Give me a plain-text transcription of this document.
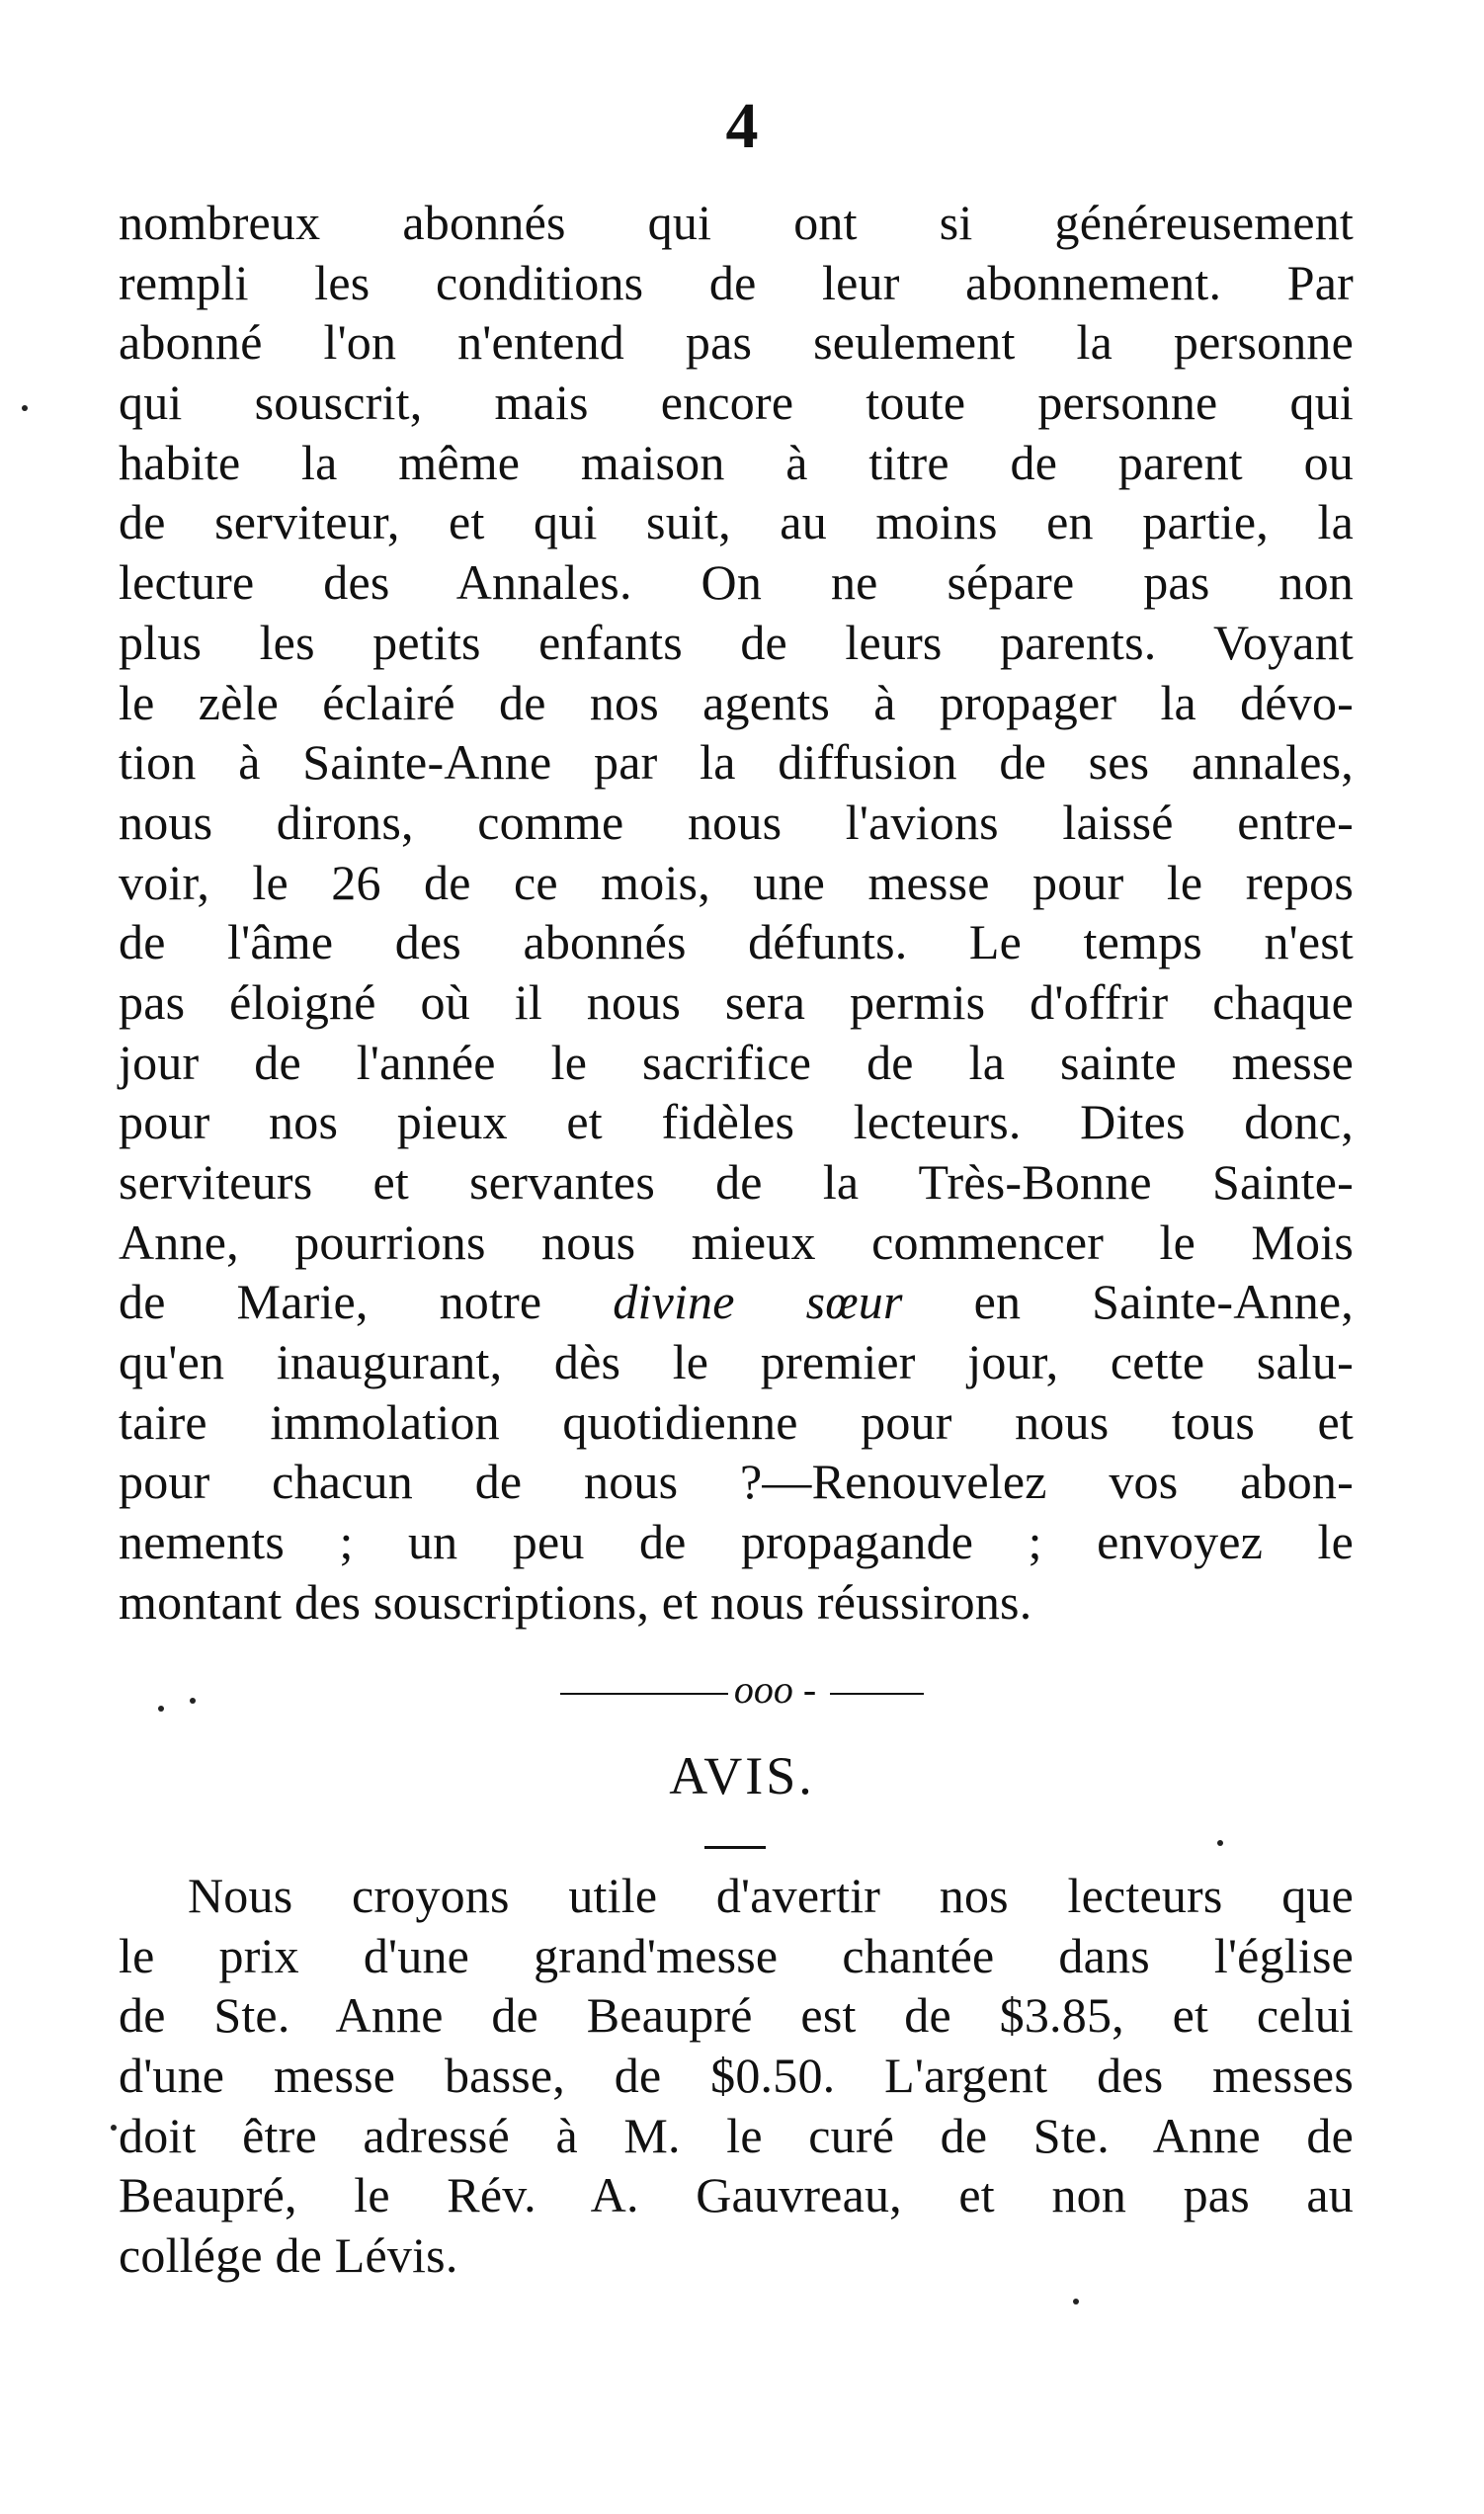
4
nombreux abonnés qui ont si généreusement
rempli les conditions de leur abonnement. Par
abonné l'on n'entend pas seulement la personne
qui souscrit, mais encore toute personne qui
habite la même maison à titre de parent ou
de serviteur, et qui suit, au moins en partie, la
lecture des Annales. On ne sépare pas non
plus les petits enfants de leurs parents. Voyant
le zèle éclairé de nos agents à propager la dévo-
tion à Sainte-Anne par la diffusion de ses annales,
nous dirons, comme nous l'avions laissé entre-
voir, le 26 de ce mois, une messe pour le repos
de l'âme des abonnés défunts. Le temps n'est
pas éloigné où il nous sera permis d'offrir chaque
jour de l'année le sacrifice de la sainte messe
pour nos pieux et fidèles lecteurs. Dites donc,
serviteurs et servantes de la Très-Bonne Sainte-
Anne, pourrions nous mieux commencer le Mois
de Marie, notre divine sœur en Sainte-Anne,
qu'en inaugurant, dès le premier jour, cette salu-
taire immolation quotidienne pour nous tous et
pour chacun de nous ?—Renouvelez vos abon-
nements ; un peu de propagande ; envoyez le
montant des souscriptions, et nous réussirons.
ooo -
AVIS.
Nous croyons utile d'avertir nos lecteurs que
le prix d'une grand'messe chantée dans l'église
de Ste. Anne de Beaupré est de $3.85, et celui
d'une messe basse, de $0.50. L'argent des messes
doit être adressé à M. le curé de Ste. Anne de
Beaupré, le Rév. A. Gauvreau, et non pas au
collége de Lévis.
